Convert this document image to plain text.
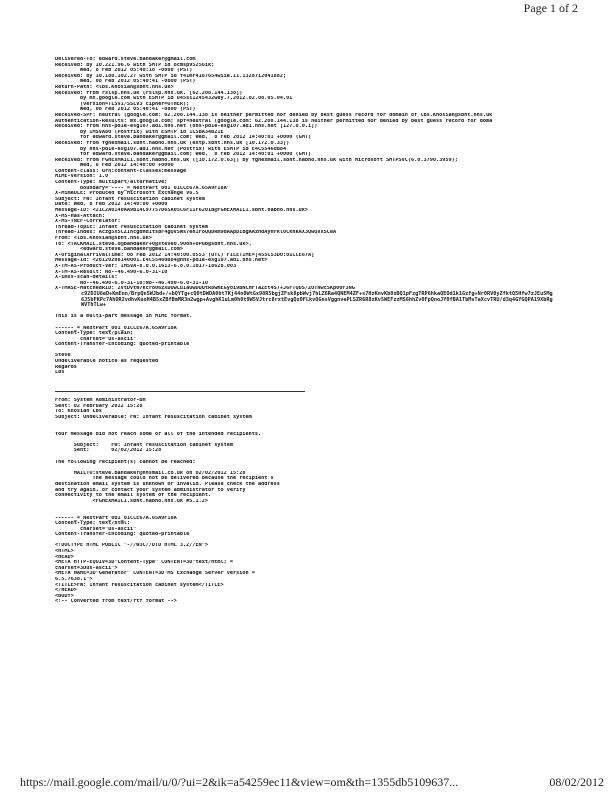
Page 1 of 2
Delivered-To: edward.steve.bandaker@gmail.com
Received: by 10.221.96.6 with SMTP id ocmsp95256ik;
Wed, 8 Feb 2012 05:40:18 -0800 (PST)
Received: by 10.180.102.27 with SMTP id f41mr4187654wiie.11.1328712041882;
Wed, 08 Feb 2012 05:40:41 -0800 (PST)
Return-Path: <lbs.Khosian@sbht.nhs.uk>
Received: from rslsp.nhs.uk (rslsp.nhs.uk. [62.208.144.138])
by mx.google.com with ESMTP id u45si1245432wey.7.2012.02.08.05.04.01
(version=TLSv1/SSLv3 cipher=OTHER);
Wed, 08 Feb 2012 05:40:41 -0800 (PST)
Received-SPF: neutral (google.com: 62.208.144.138 is neither permitted nor denied by best guess record for domain of lbs.Khosian@sbht.nhs.uk
Authentication-Results: mx.google.com; spf=neutral (google.com: 62.208.144.138 is neither permitted nor denied by best guess record for doma
Received: from nhs-pd1e-esg107.ad1.nhs.net (nhs-pd1e-esg107.ad1.nhs.net [127.0.0.1])
by IMSVA80 (Postfix) with ESMTP id 1C5BA34B21E
for edward.steve.bandaker@gmail.com; Wed,  8 Feb 2012 14:40:01 +0000 (GMT)
Received: from fghexmail.sbht.nabho.nhs.uk (extp.sbht.nhs.uk [10.172.0.33])
by nhs-pd1e-esg107.ad1.nhs.net (Postfix) with ESMTP id E4C55460B84
for edward.steve.bandaker@gmail.com; Wed,  8 Feb 2012 14:40:01 +0000 (GMT)
Received: from FGHEXMAIL1.sbht.nabho.nhs.uk ([10.172.0.63]) by fghexmail.sbht.nabho.nhs.uk with Microsoft SMTPSVC(6.0.3790.3959);
Wed, 8 Feb 2012 14:40:00 +0000
Content-class: urn:content-classes:message
MIME-Version: 1.0
Content-Type: multipart/alternative;
boundary="----_=_NextPart_001_01CCE67A.65A9F18A"
X-MimeOLE: Produced By Microsoft Exchange V6.5
Subject: FW: Infant resuscitation cabinet system
Date: Wed, 8 Feb 2012 14:40:00 +0000
Message-ID: <21C2A0140AA9B14C97757D65A05C6F11F6201B@FGHEXMAIL1.sbht.nabho.nhs.uk>
X-MS-Has-Attach:
X-MS-TNEF-Correlator:
Thread-Topic: Infant resuscitation cabinet system
Thread-Index: Aczg5X5CZIncgdHd1tsbF4gQV5Ws7eh1FoQQDRm9dAApDIbgAAzHdAyHrkl0CkhkAX3QwQVXSCeA
From: <lbs.Khosian@sbht.nhs.uk>
To: <TACKMAIL.steve.0@bandaker+0@steve0.90on+0Pub@sbht.nhs.uk>,
<edward.steve.bandaker@gmail.com>
X-OriginalArrivalTime: 08 Feb 2012 14:40:00.0553 (UTC) FILETIME=[455C53D0:01CCE67A]
Message-Id: <20120208140001.E4C55460B84@nhs-pd1e-esg107.ad1.nhs.net>
X-TM-AS-Product-Ver: IMSVA-8.0.0.1613-6.8.0.1017-18628.003
X-TM-AS-Result: No--46.490-6.0-31-10
X-imss-scan-details:
No--46.490-6.0-31-10;No--46.490-6.0-31-10
X-TMASE-MatchedRID: 2VtDvtW7kcro06zXDOwCu1aUwDUQtR8wmEGyoi9BNCHFTaZEt4S7+J6FTQDS/ZOTNwcSKp00F3NG
c92DIU6eD+KmEnn/BrpQnSWJbd+/+bQYTg+cQ0tDWDA0htTKj44n8WtGx98R5bgjZFsk8pbWvj7hLZ6Ra4QNEM4ZF+s7HzKnvKb0xBQ1pFzgTRP6hkaQEOd1k1Gzfg+Nr0RV0yZfktQ5Hfw7zJEu5Mg6J5bFKPc7AhOR2vdhvKuoH4B5xZBfBmMR3n2wgp+AvghK1uLm0h0t9W5VJtrc8rxtEvgQx0FLkvOGnsVggnvePLSZR6R8zKv5WEFzzMS6hhZv0FpQnoJY0fBA1TbMsTaXcvTRU/d3q4GYGQPA19XbRgWVThTLw+
This is a multi-part message in MIME format.
------_=_NextPart_001_01CCE67A.65A9F18A
Content-Type: text/plain;
charset="us-ascii"
Content-Transfer-Encoding: quoted-printable
Steve
Undeliverable notice as requested
Regards
Lbs
From: System Administrator-BH
Sent: 02 February 2012 15:28
To: Khosian Lbs
Subject: Undeliverable: FW: Infant resuscitation cabinet system
Your message did not reach some or all of the intended recipients.
Subject:    FW: Infant resuscitation cabinet system
Sent:       02/02/2012 15:28
The following recipient(s) cannot be reached:
MAILTO:steve.bandaker@nhsmail.co.uk on 02/02/2012 15:28
The message could not be delivered because the recipient's
destination email system is unknown or invalid. Please check the address
and try again, or contact your system administrator to verify
connectivity to the email system of the recipient.
<FGHEXMAIL1.sbht.nabho.nhs.uk #5.1.2>
------_=_NextPart_001_01CCE67A.65A9F18A
Content-Type: text/html;
charset="us-ascii"
Content-Transfer-Encoding: quoted-printable
<!DOCTYPE HTML PUBLIC "-//W3C//DTD HTML 3.2//EN">
<HTML>
<HEAD>
<META HTTP-EQUIV=3D"Content-Type" CONTENT=3D"text/html; =
charset=3Dus-ascii">
<META NAME=3D"Generator" CONTENT=3D"MS Exchange Server version =
6.5.7638.1">
<TITLE>FW: Infant resuscitation cabinet system</TITLE>
</HEAD>
<BODY>
<!-- Converted from text/rtf format -->
https://mail.google.com/mail/u/0/?ui=2&ik=a54259ec11&view=om&th=1355db5109637...	08/02/2012
